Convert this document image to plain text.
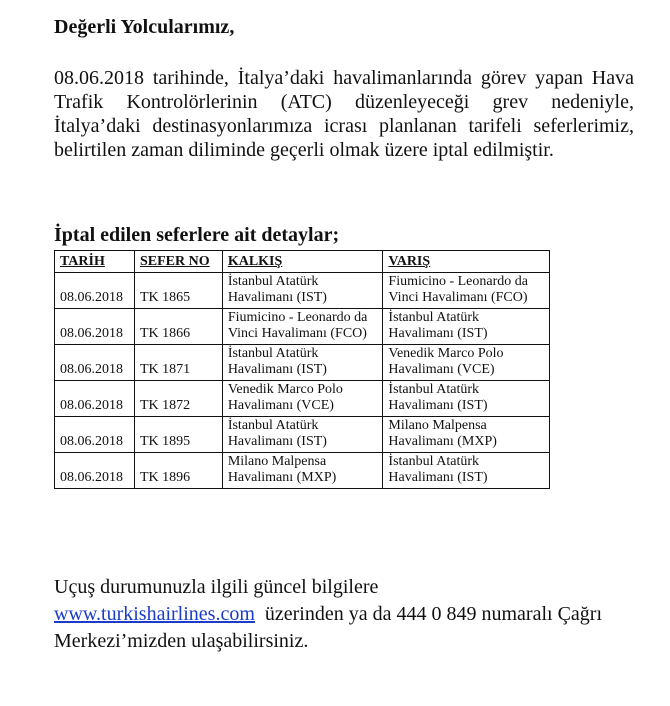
Değerli Yolcularımız,

08.06.2018 tarihinde, İtalya’daki havalimanlarında görev yapan Hava Trafik Kontrolörlerinin (ATC) düzenleyeceği grev nedeniyle, İtalya’daki destinasyonlarımıza icrası planlanan tarifeli seferlerimiz, belirtilen zaman diliminde geçerli olmak üzere iptal edilmiştir.

İptal edilen seferlere ait detaylar;

TARİH	SEFER NO	KALKIŞ	VARIŞ
08.06.2018	TK 1865	İstanbul Atatürk Havalimanı (IST)	Fiumicino - Leonardo da Vinci Havalimanı (FCO)
08.06.2018	TK 1866	Fiumicino - Leonardo da Vinci Havalimanı (FCO)	İstanbul Atatürk Havalimanı (IST)
08.06.2018	TK 1871	İstanbul Atatürk Havalimanı (IST)	Venedik Marco Polo Havalimanı (VCE)
08.06.2018	TK 1872	Venedik Marco Polo Havalimanı (VCE)	İstanbul Atatürk Havalimanı (IST)
08.06.2018	TK 1895	İstanbul Atatürk Havalimanı (IST)	Milano Malpensa Havalimanı (MXP)
08.06.2018	TK 1896	Milano Malpensa Havalimanı (MXP)	İstanbul Atatürk Havalimanı (IST)

Uçuş durumunuzla ilgili güncel bilgilere
www.turkishairlines.com  üzerinden ya da 444 0 849 numaralı Çağrı Merkezi’mizden ulaşabilirsiniz.
